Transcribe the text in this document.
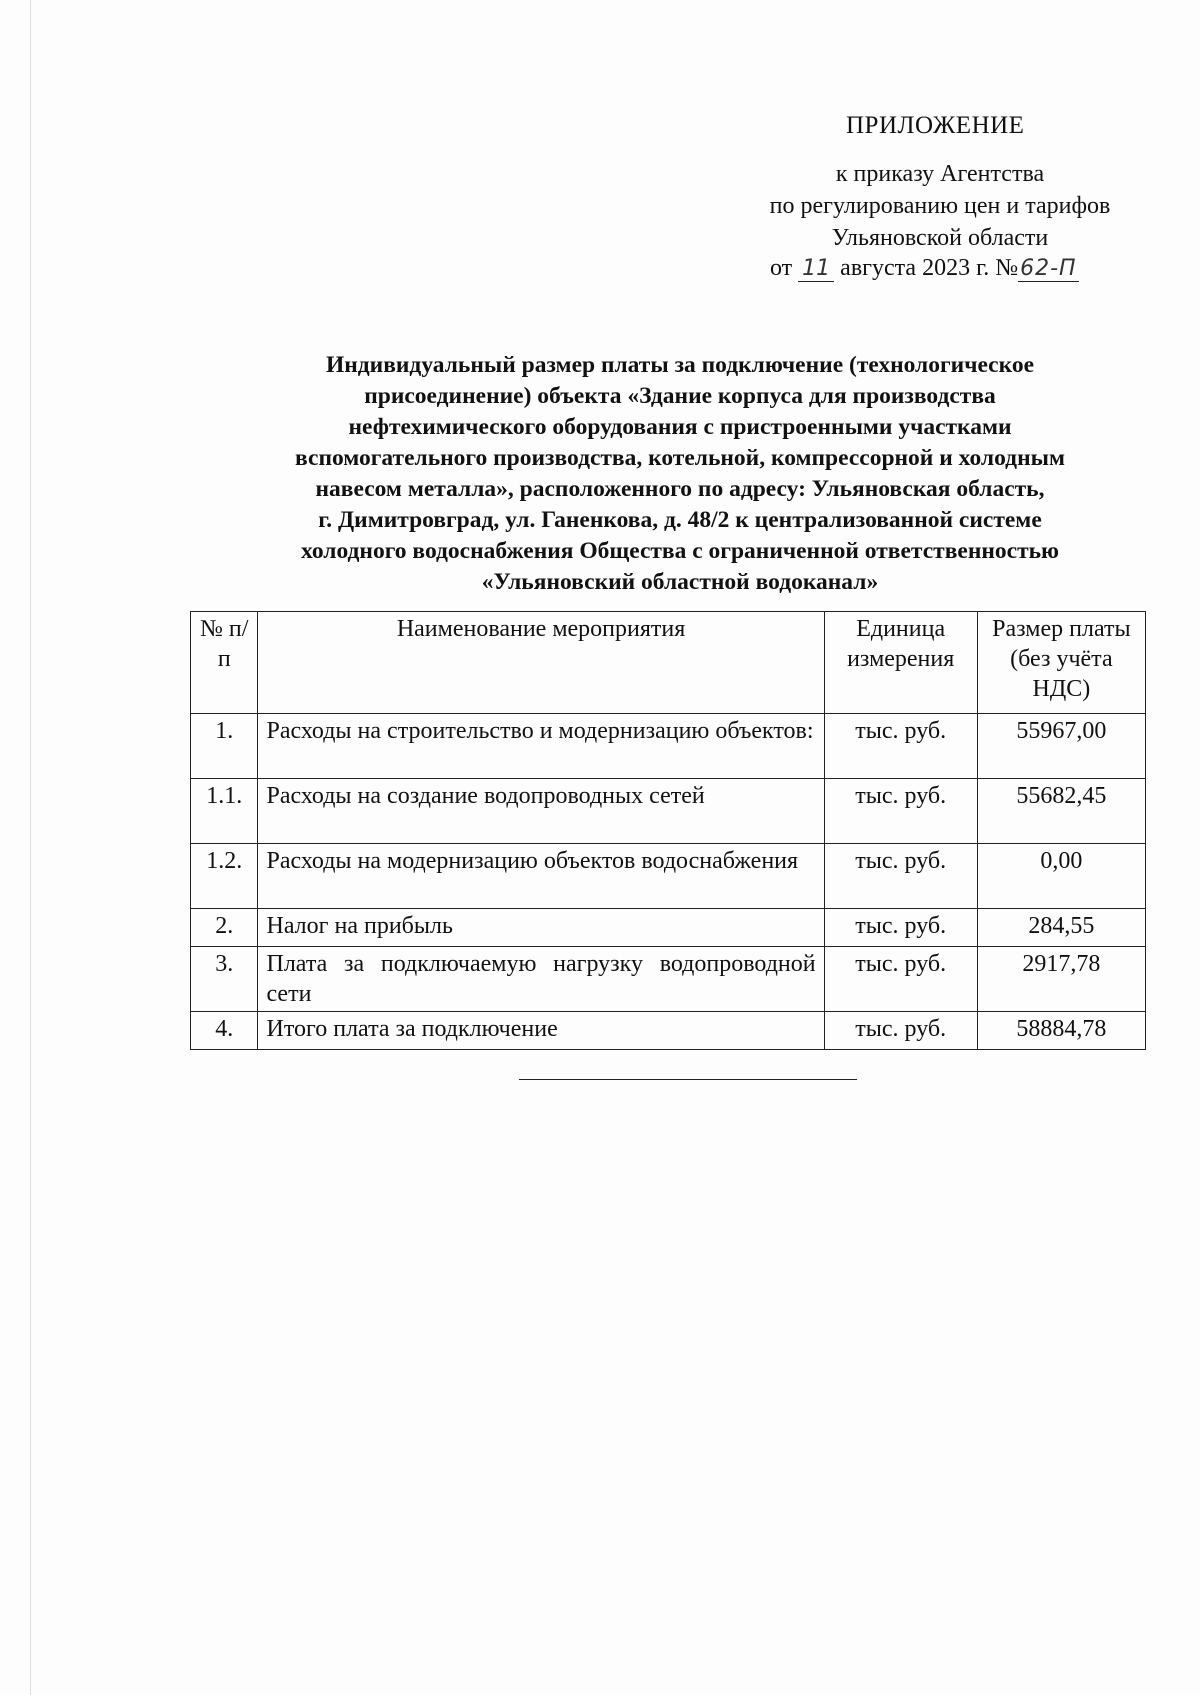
ПРИЛОЖЕНИЕ
к приказу Агентства
по регулированию цен и тарифов
Ульяновской области
от 11 августа 2023 г. №62-П
Индивидуальный размер платы за подключение (технологическое
присоединение) объекта «Здание корпуса для производства
нефтехимического оборудования с пристроенными участками
вспомогательного производства, котельной, компрессорной и холодным
навесом металла», расположенного по адресу: Ульяновская область,
г. Димитровград, ул. Ганенкова, д. 48/2 к централизованной системе
холодного водоснабжения Общества с ограниченной ответственностью
«Ульяновский областной водоканал»
№ п/п	Наименование мероприятия	Единица измерения	Размер платы (без учёта НДС)
1.	Расходы на строительство и модернизацию объектов:	тыс. руб.	55967,00
1.1.	Расходы на создание водопроводных сетей	тыс. руб.	55682,45
1.2.	Расходы на модернизацию объектов водоснабжения	тыс. руб.	0,00
2.	Налог на прибыль	тыс. руб.	284,55
3.	Плата за подключаемую нагрузку водопроводной сети	тыс. руб.	2917,78
4.	Итого плата за подключение	тыс. руб.	58884,78
